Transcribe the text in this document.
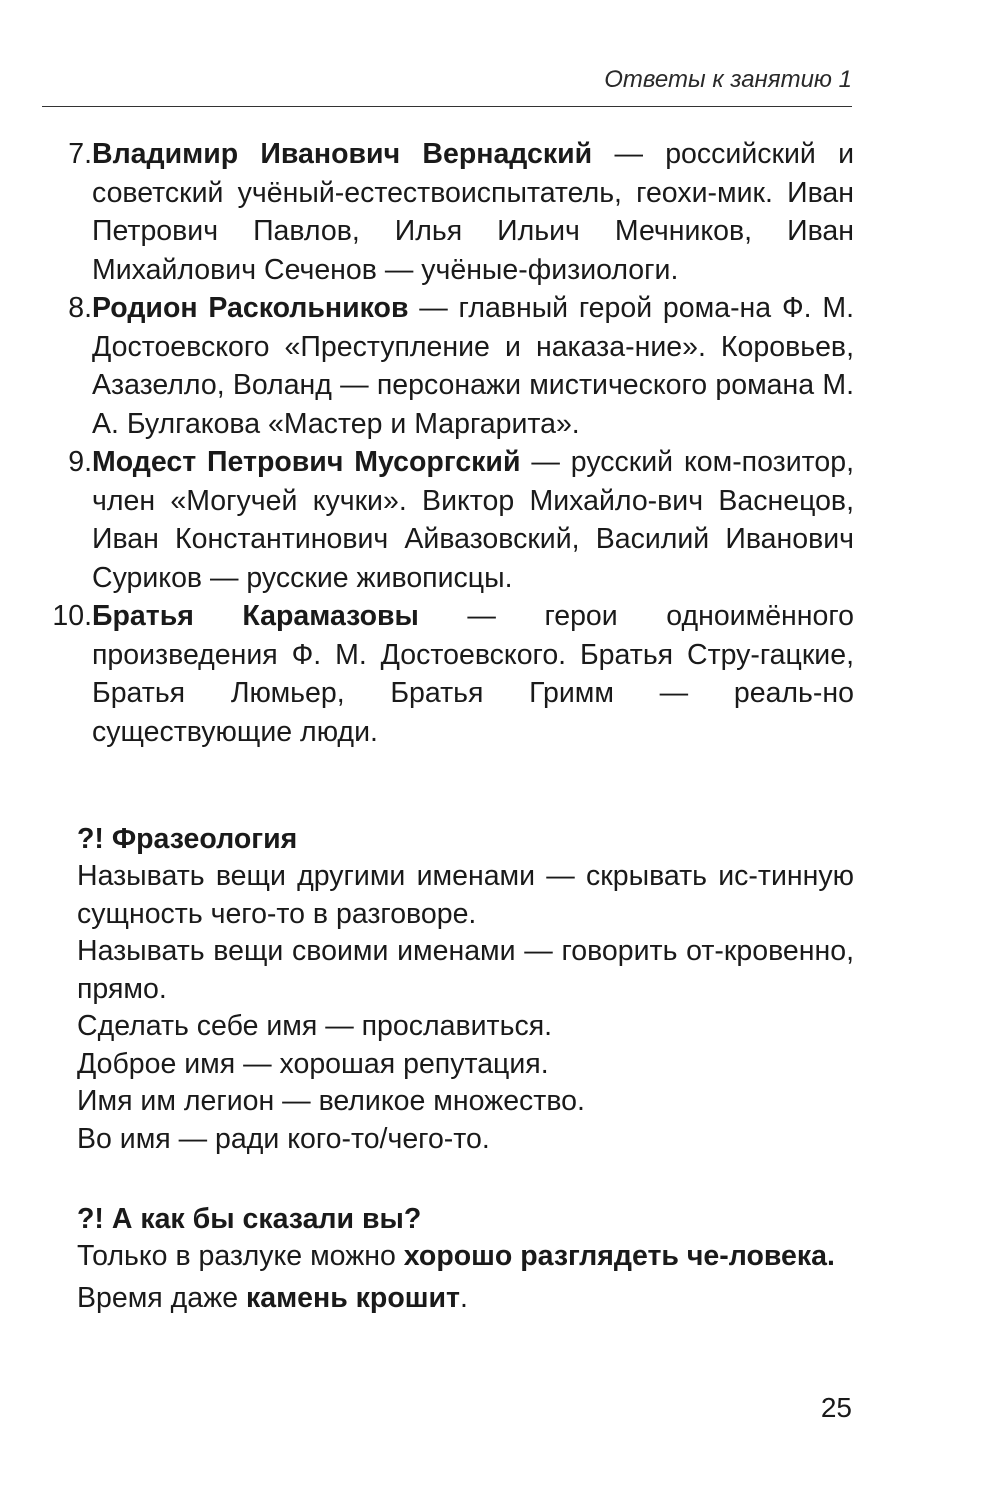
Ответы к занятию 1
7. Владимир Иванович Вернадский — российский и советский учёный-естествоиспытатель, геохи-мик. Иван Петрович Павлов, Илья Ильич Мечников, Иван Михайлович Сеченов — учёные-физиологи.
8. Родион Раскольников — главный герой рома-на Ф. М. Достоевского «Преступление и наказа-ние». Коровьев, Азазелло, Воланд — персонажи мистического романа М. А. Булгакова «Мастер и Маргарита».
9. Модест Петрович Мусоргский — русский ком-позитор, член «Могучей кучки». Виктор Михайло-вич Васнецов, Иван Константинович Айвазовский, Василий Иванович Суриков — русские живописцы.
10. Братья Карамазовы — герои одноимённого произведения Ф. М. Достоевского. Братья Стру-гацкие, Братья Люмьер, Братья Гримм — реаль-но существующие люди.

?! Фразеология

Называть вещи другими именами — скрывать ис-тинную сущность чего-то в разговоре.

Называть вещи своими именами — говорить от-кровенно, прямо.

Сделать себе имя — прославиться.

Доброе имя — хорошая репутация.

Имя им легион — великое множество.

Во имя — ради кого-то/чего-то.

?! А как бы сказали вы?

Только в разлуке можно хорошо разглядеть че-ловека.

Время даже камень крошит.

25
